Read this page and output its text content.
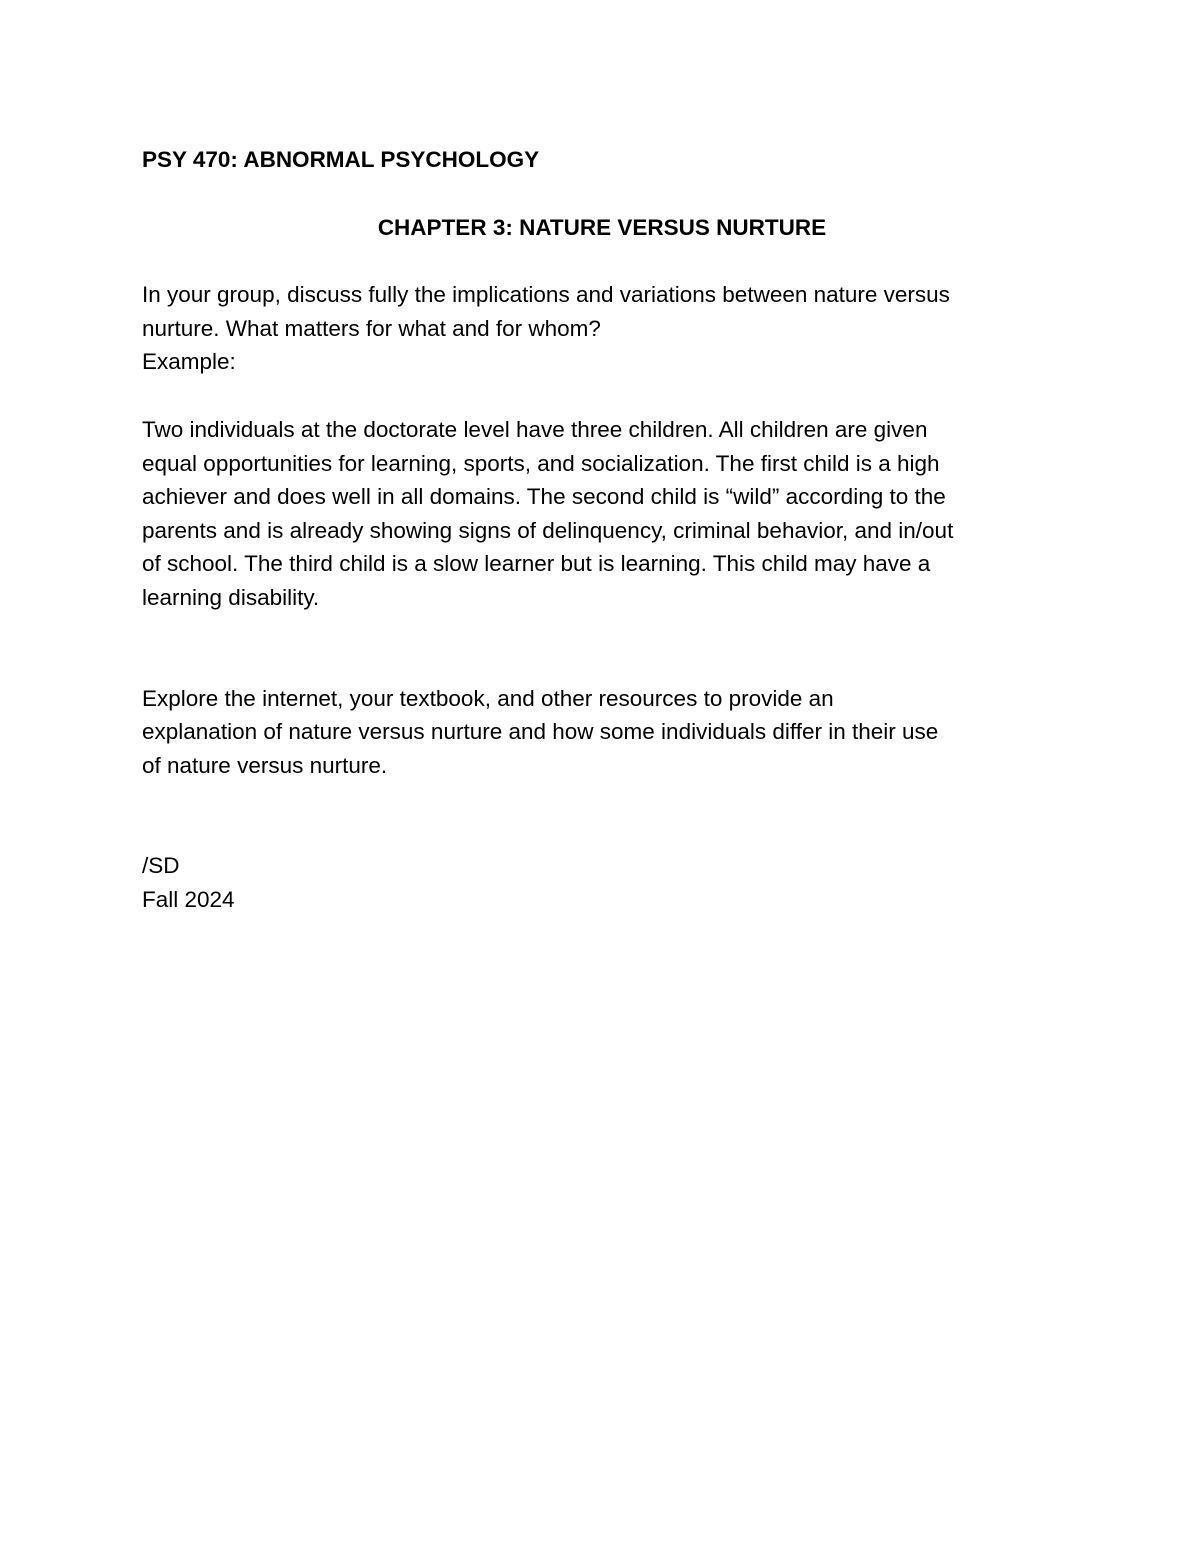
PSY 470: ABNORMAL PSYCHOLOGY

CHAPTER 3: NATURE VERSUS NURTURE

In your group, discuss fully the implications and variations between nature versus
nurture. What matters for what and for whom?
Example:
Two individuals at the doctorate level have three children. All children are given
equal opportunities for learning, sports, and socialization. The first child is a high
achiever and does well in all domains. The second child is “wild” according to the
parents and is already showing signs of delinquency, criminal behavior, and in/out
of school. The third child is a slow learner but is learning. This child may have a
learning disability.
Explore the internet, your textbook, and other resources to provide an
explanation of nature versus nurture and how some individuals differ in their use
of nature versus nurture.
/SD
Fall 2024
